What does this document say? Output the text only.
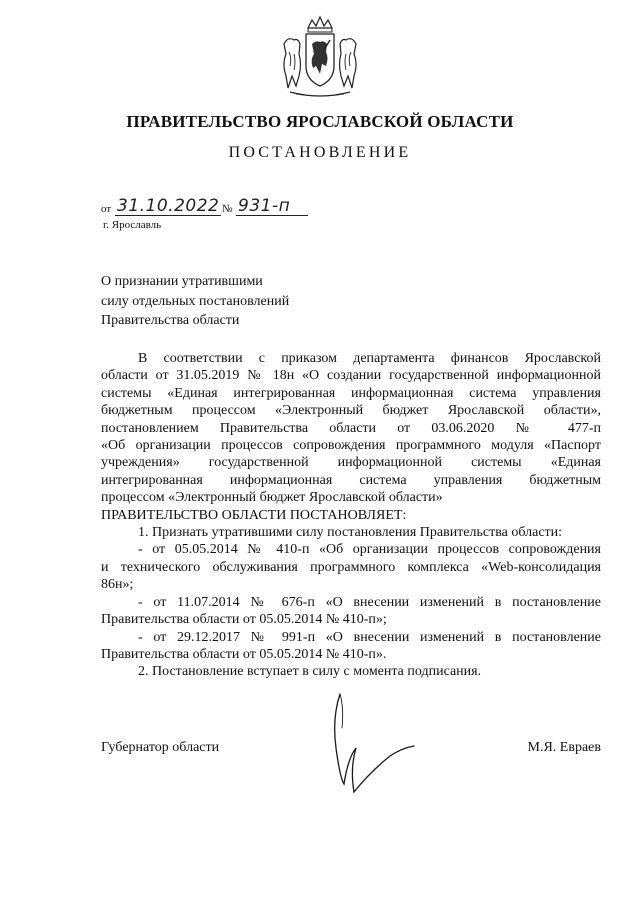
ПРАВИТЕЛЬСТВО ЯРОСЛАВСКОЙ ОБЛАСТИ
ПОСТАНОВЛЕНИЕ
от 31.10.2022 № 931-п
г. Ярославль
О признании утратившими
силу отдельных постановлений
Правительства области
В соответствии с приказом департамента финансов Ярославской
области от 31.05.2019 № 18н «О создании государственной информационной
системы «Единая интегрированная информационная система управления
бюджетным процессом «Электронный бюджет Ярославской области»,
постановлением Правительства области от 03.06.2020 № 477-п
«Об организации процессов сопровождения программного модуля «Паспорт
учреждения» государственной информационной системы «Единая
интегрированная информационная система управления бюджетным
процессом «Электронный бюджет Ярославской области»
ПРАВИТЕЛЬСТВО ОБЛАСТИ ПОСТАНОВЛЯЕТ:
1. Признать утратившими силу постановления Правительства области:
- от 05.05.2014 № 410-п «Об организации процессов сопровождения
и технического обслуживания программного комплекса «Web-консолидация
86н»;
- от 11.07.2014 № 676-п «О внесении изменений в постановление
Правительства области от 05.05.2014 № 410-п»;
- от 29.12.2017 № 991-п «О внесении изменений в постановление
Правительства области от 05.05.2014 № 410-п».
2. Постановление вступает в силу с момента подписания.
Губернатор области	М.Я. Евраев
